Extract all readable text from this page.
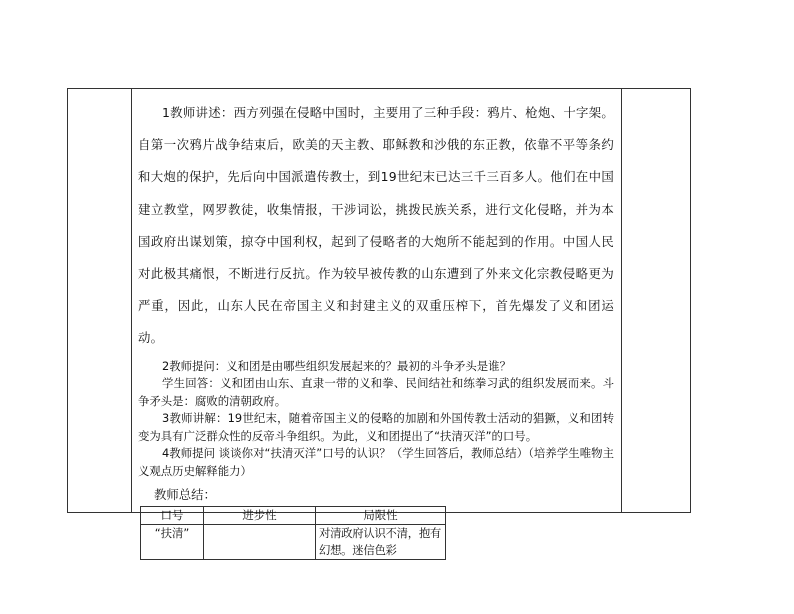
1教师讲述：西方列强在侵略中国时，主要用了三种手段：鸦片、枪炮、十字架。自第一次鸦片战争结束后，欧美的天主教、耶稣教和沙俄的东正教，依靠不平等条约和大炮的保护，先后向中国派遣传教士，到19世纪末已达三千三百多人。他们在中国建立教堂，网罗教徒，收集情报，干涉词讼，挑拨民族关系，进行文化侵略，并为本国政府出谋划策，掠夺中国利权，起到了侵略者的大炮所不能起到的作用。中国人民对此极其痛恨，不断进行反抗。作为较早被传教的山东遭到了外来文化宗教侵略更为严重，因此，山东人民在帝国主义和封建主义的双重压榨下，首先爆发了义和团运动。

2教师提问：义和团是由哪些组织发展起来的？最初的斗争矛头是谁？

学生回答：义和团由山东、直隶一带的义和拳、民间结社和练拳习武的组织发展而来。斗争矛头是：腐败的清朝政府。

3教师讲解：19世纪末，随着帝国主义的侵略的加剧和外国传教士活动的猖獗，义和团转变为具有广泛群众性的反帝斗争组织。为此，义和团提出了“扶清灭洋”的口号。

4教师提问 谈谈你对“扶清灭洋”口号的认识？（学生回答后，教师总结）（培养学生唯物主义观点历史解释能力）

教师总结：

口号	进步性	局限性
“扶清”		对清政府认识不清，抱有幻想。迷信色彩
